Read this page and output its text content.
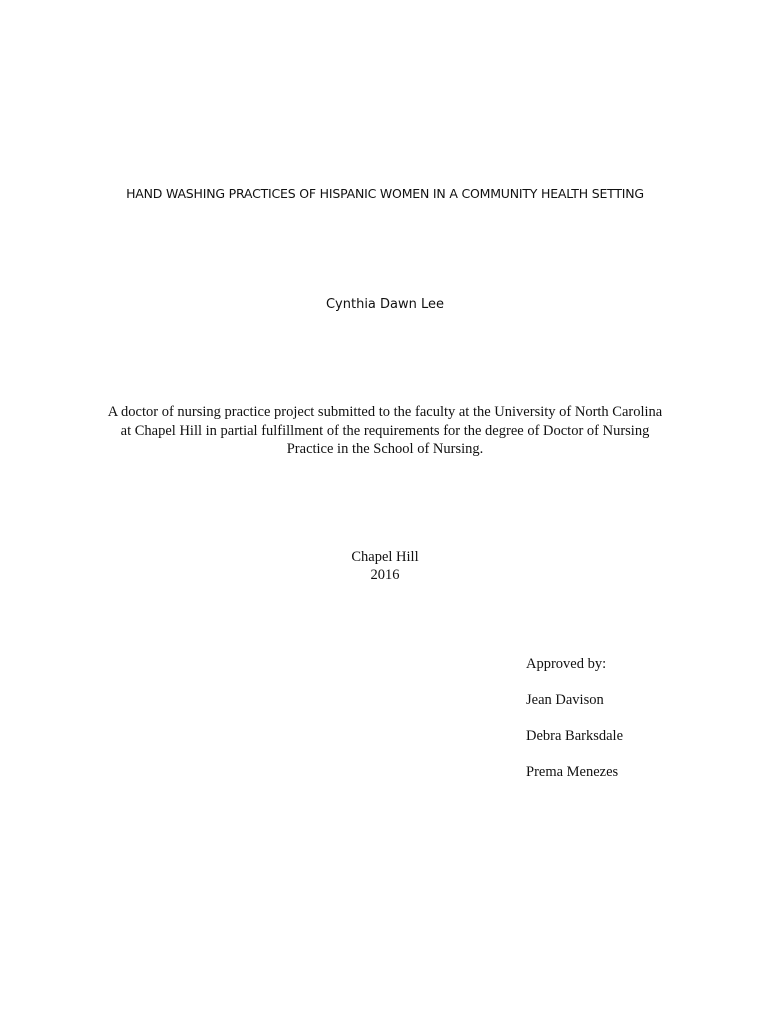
HAND WASHING PRACTICES OF HISPANIC WOMEN IN A COMMUNITY HEALTH SETTING
Cynthia Dawn Lee
A doctor of nursing practice project submitted to the faculty at the University of North Carolina
at Chapel Hill in partial fulfillment of the requirements for the degree of Doctor of Nursing
Practice in the School of Nursing.
Chapel Hill
2016
Approved by:
Jean Davison
Debra Barksdale
Prema Menezes
